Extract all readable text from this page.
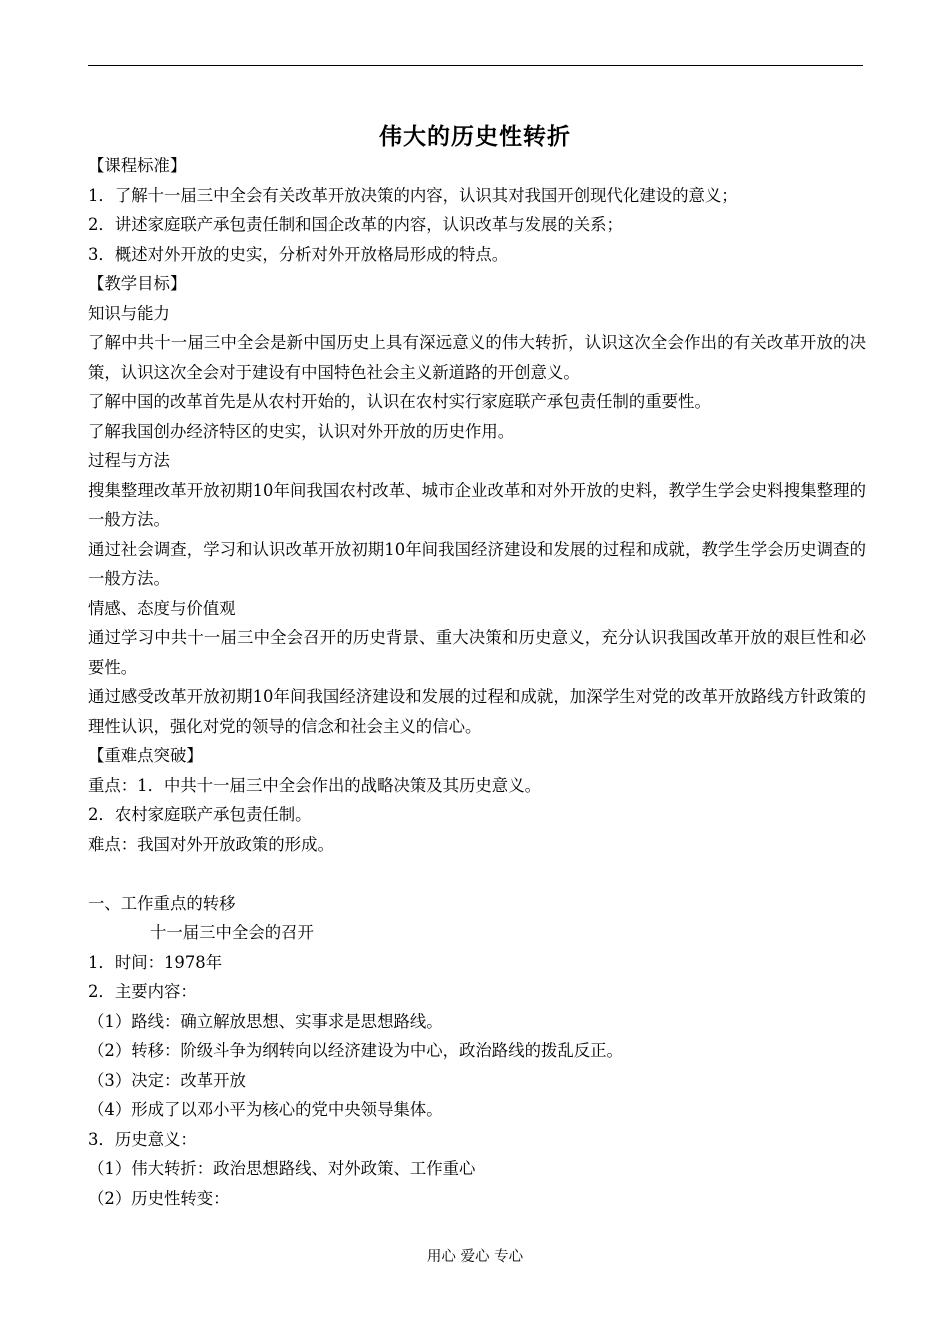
伟大的历史性转折
【课程标准】
1．了解十一届三中全会有关改革开放决策的内容，认识其对我国开创现代化建设的意义；
2．讲述家庭联产承包责任制和国企改革的内容，认识改革与发展的关系；
3．概述对外开放的史实，分析对外开放格局形成的特点。
【教学目标】
知识与能力
了解中共十一届三中全会是新中国历史上具有深远意义的伟大转折，认识这次全会作出的有关改革开放的决策，认识这次全会对于建设有中国特色社会主义新道路的开创意义。
了解中国的改革首先是从农村开始的，认识在农村实行家庭联产承包责任制的重要性。
了解我国创办经济特区的史实，认识对外开放的历史作用。
过程与方法
搜集整理改革开放初期10年间我国农村改革、城市企业改革和对外开放的史料，教学生学会史料搜集整理的一般方法。
通过社会调查，学习和认识改革开放初期10年间我国经济建设和发展的过程和成就，教学生学会历史调查的一般方法。
情感、态度与价值观
通过学习中共十一届三中全会召开的历史背景、重大决策和历史意义，充分认识我国改革开放的艰巨性和必要性。
通过感受改革开放初期10年间我国经济建设和发展的过程和成就，加深学生对党的改革开放路线方针政策的理性认识，强化对党的领导的信念和社会主义的信心。
【重难点突破】
重点：1．中共十一届三中全会作出的战略决策及其历史意义。
2．农村家庭联产承包责任制。
难点：我国对外开放政策的形成。
一、工作重点的转移
十一届三中全会的召开
1．时间：1978年
2．主要内容：
（1）路线：确立解放思想、实事求是思想路线。
（2）转移：阶级斗争为纲转向以经济建设为中心，政治路线的拨乱反正。
（3）决定：改革开放
（4）形成了以邓小平为核心的党中央领导集体。
3．历史意义：
（1）伟大转折：政治思想路线、对外政策、工作重心
（2）历史性转变：
用心 爱心 专心
